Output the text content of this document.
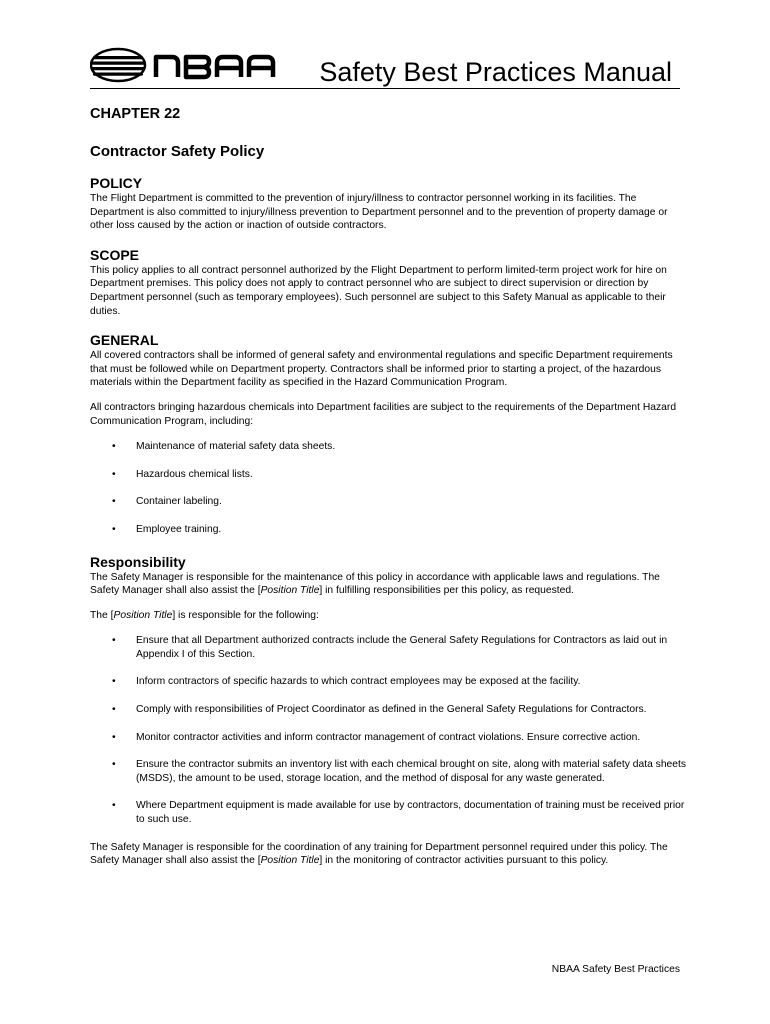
Safety Best Practices Manual
CHAPTER 22
Contractor Safety Policy
POLICY

The Flight Department is committed to the prevention of injury/illness to contractor personnel working in its facilities. The Department is also committed to injury/illness prevention to Department personnel and to the prevention of property damage or other loss caused by the action or inaction of outside contractors.

SCOPE

This policy applies to all contract personnel authorized by the Flight Department to perform limited-term project work for hire on Department premises. This policy does not apply to contract personnel who are subject to direct supervision or direction by Department personnel (such as temporary employees). Such personnel are subject to this Safety Manual as applicable to their duties.

GENERAL

All covered contractors shall be informed of general safety and environmental regulations and specific Department requirements that must be followed while on Department property. Contractors shall be informed prior to starting a project, of the hazardous materials within the Department facility as specified in the Hazard Communication Program.

All contractors bringing hazardous chemicals into Department facilities are subject to the requirements of the Department Hazard Communication Program, including:

• Maintenance of material safety data sheets.
• Hazardous chemical lists.
• Container labeling.
• Employee training.
Responsibility

The Safety Manager is responsible for the maintenance of this policy in accordance with applicable laws and regulations. The Safety Manager shall also assist the [Position Title] in fulfilling responsibilities per this policy, as requested.

The [Position Title] is responsible for the following:

• Ensure that all Department authorized contracts include the General Safety Regulations for Contractors as laid out in Appendix I of this Section.
• Inform contractors of specific hazards to which contract employees may be exposed at the facility.
• Comply with responsibilities of Project Coordinator as defined in the General Safety Regulations for Contractors.
• Monitor contractor activities and inform contractor management of contract violations. Ensure corrective action.
• Ensure the contractor submits an inventory list with each chemical brought on site, along with material safety data sheets (MSDS), the amount to be used, storage location, and the method of disposal for any waste generated.
• Where Department equipment is made available for use by contractors, documentation of training must be received prior to such use.

The Safety Manager is responsible for the coordination of any training for Department personnel required under this policy. The Safety Manager shall also assist the [Position Title] in the monitoring of contractor activities pursuant to this policy.

NBAA Safety Best Practices
